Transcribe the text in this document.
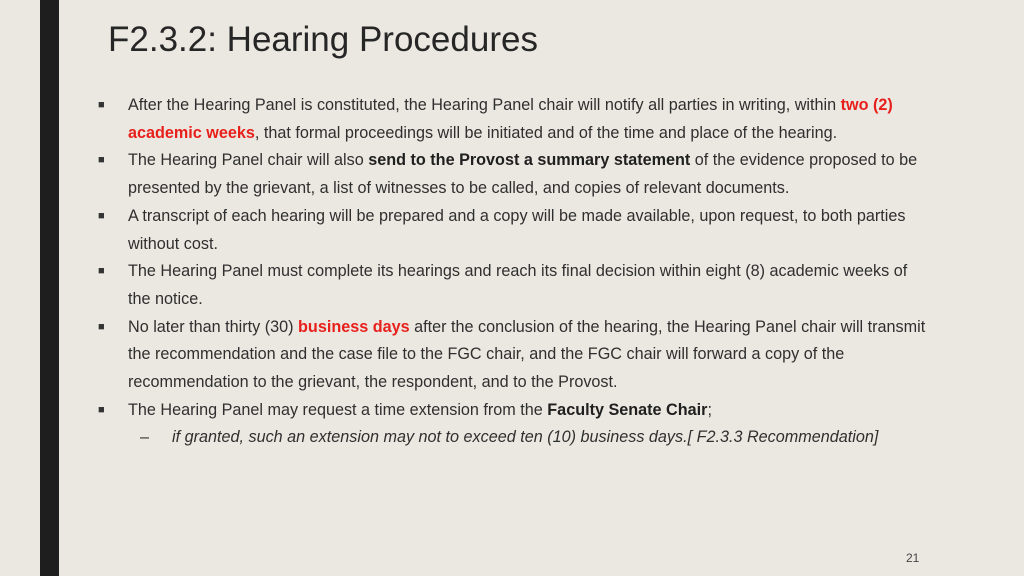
F2.3.2: Hearing Procedures
■ After the Hearing Panel is constituted, the Hearing Panel chair will notify all parties in writing, within two (2) academic weeks, that formal proceedings will be initiated and of the time and place of the hearing.
■ The Hearing Panel chair will also send to the Provost a summary statement of the evidence proposed to be presented by the grievant, a list of witnesses to be called, and copies of relevant documents.
■ A transcript of each hearing will be prepared and a copy will be made available, upon request, to both parties without cost.
■ The Hearing Panel must complete its hearings and reach its final decision within eight (8) academic weeks of the notice.
■ No later than thirty (30) business days after the conclusion of the hearing, the Hearing Panel chair will transmit the recommendation and the case file to the FGC chair, and the FGC chair will forward a copy of the recommendation to the grievant, the respondent, and to the Provost.
■ The Hearing Panel may request a time extension from the Faculty Senate Chair;
– if granted, such an extension may not to exceed ten (10) business days.[ F2.3.3 Recommendation]
21
